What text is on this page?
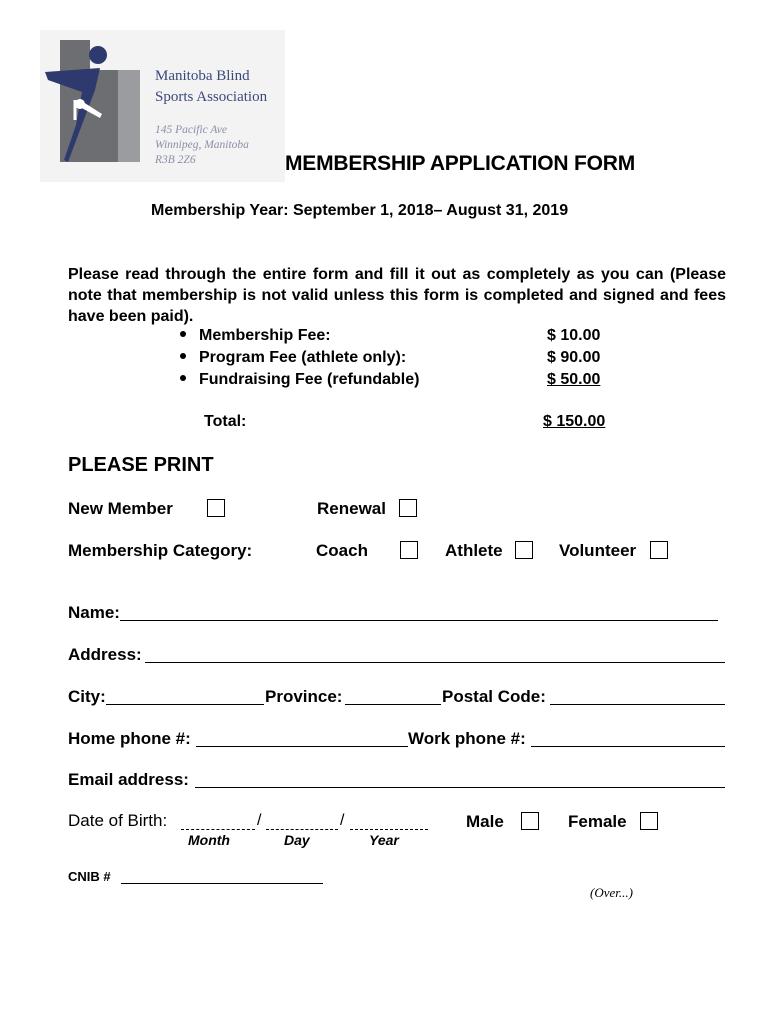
Manitoba Blind
Sports Association
145 Pacific Ave
Winnipeg, Manitoba
R3B 2Z6	MEMBERSHIP APPLICATION FORM
Membership Year: September 1, 2018– August 31, 2019
Please read through the entire form and fill it out as completely as you can (Please note that membership is not valid unless this form is completed and signed and fees have been paid).
Membership Fee:	$ 10.00
Program Fee (athlete only):	$ 90.00
Fundraising Fee (refundable)	$ 50.00
Total:	$ 150.00
PLEASE PRINT
New Member	Renewal
Membership Category:	Coach	Athlete	Volunteer
Name:
Address:
City:	Province:	Postal Code:
Home phone #:	Work phone #:
Email address:
Date of Birth:	/	/
Month	Day	Year
Male	Female
CNIB #
(Over...)
